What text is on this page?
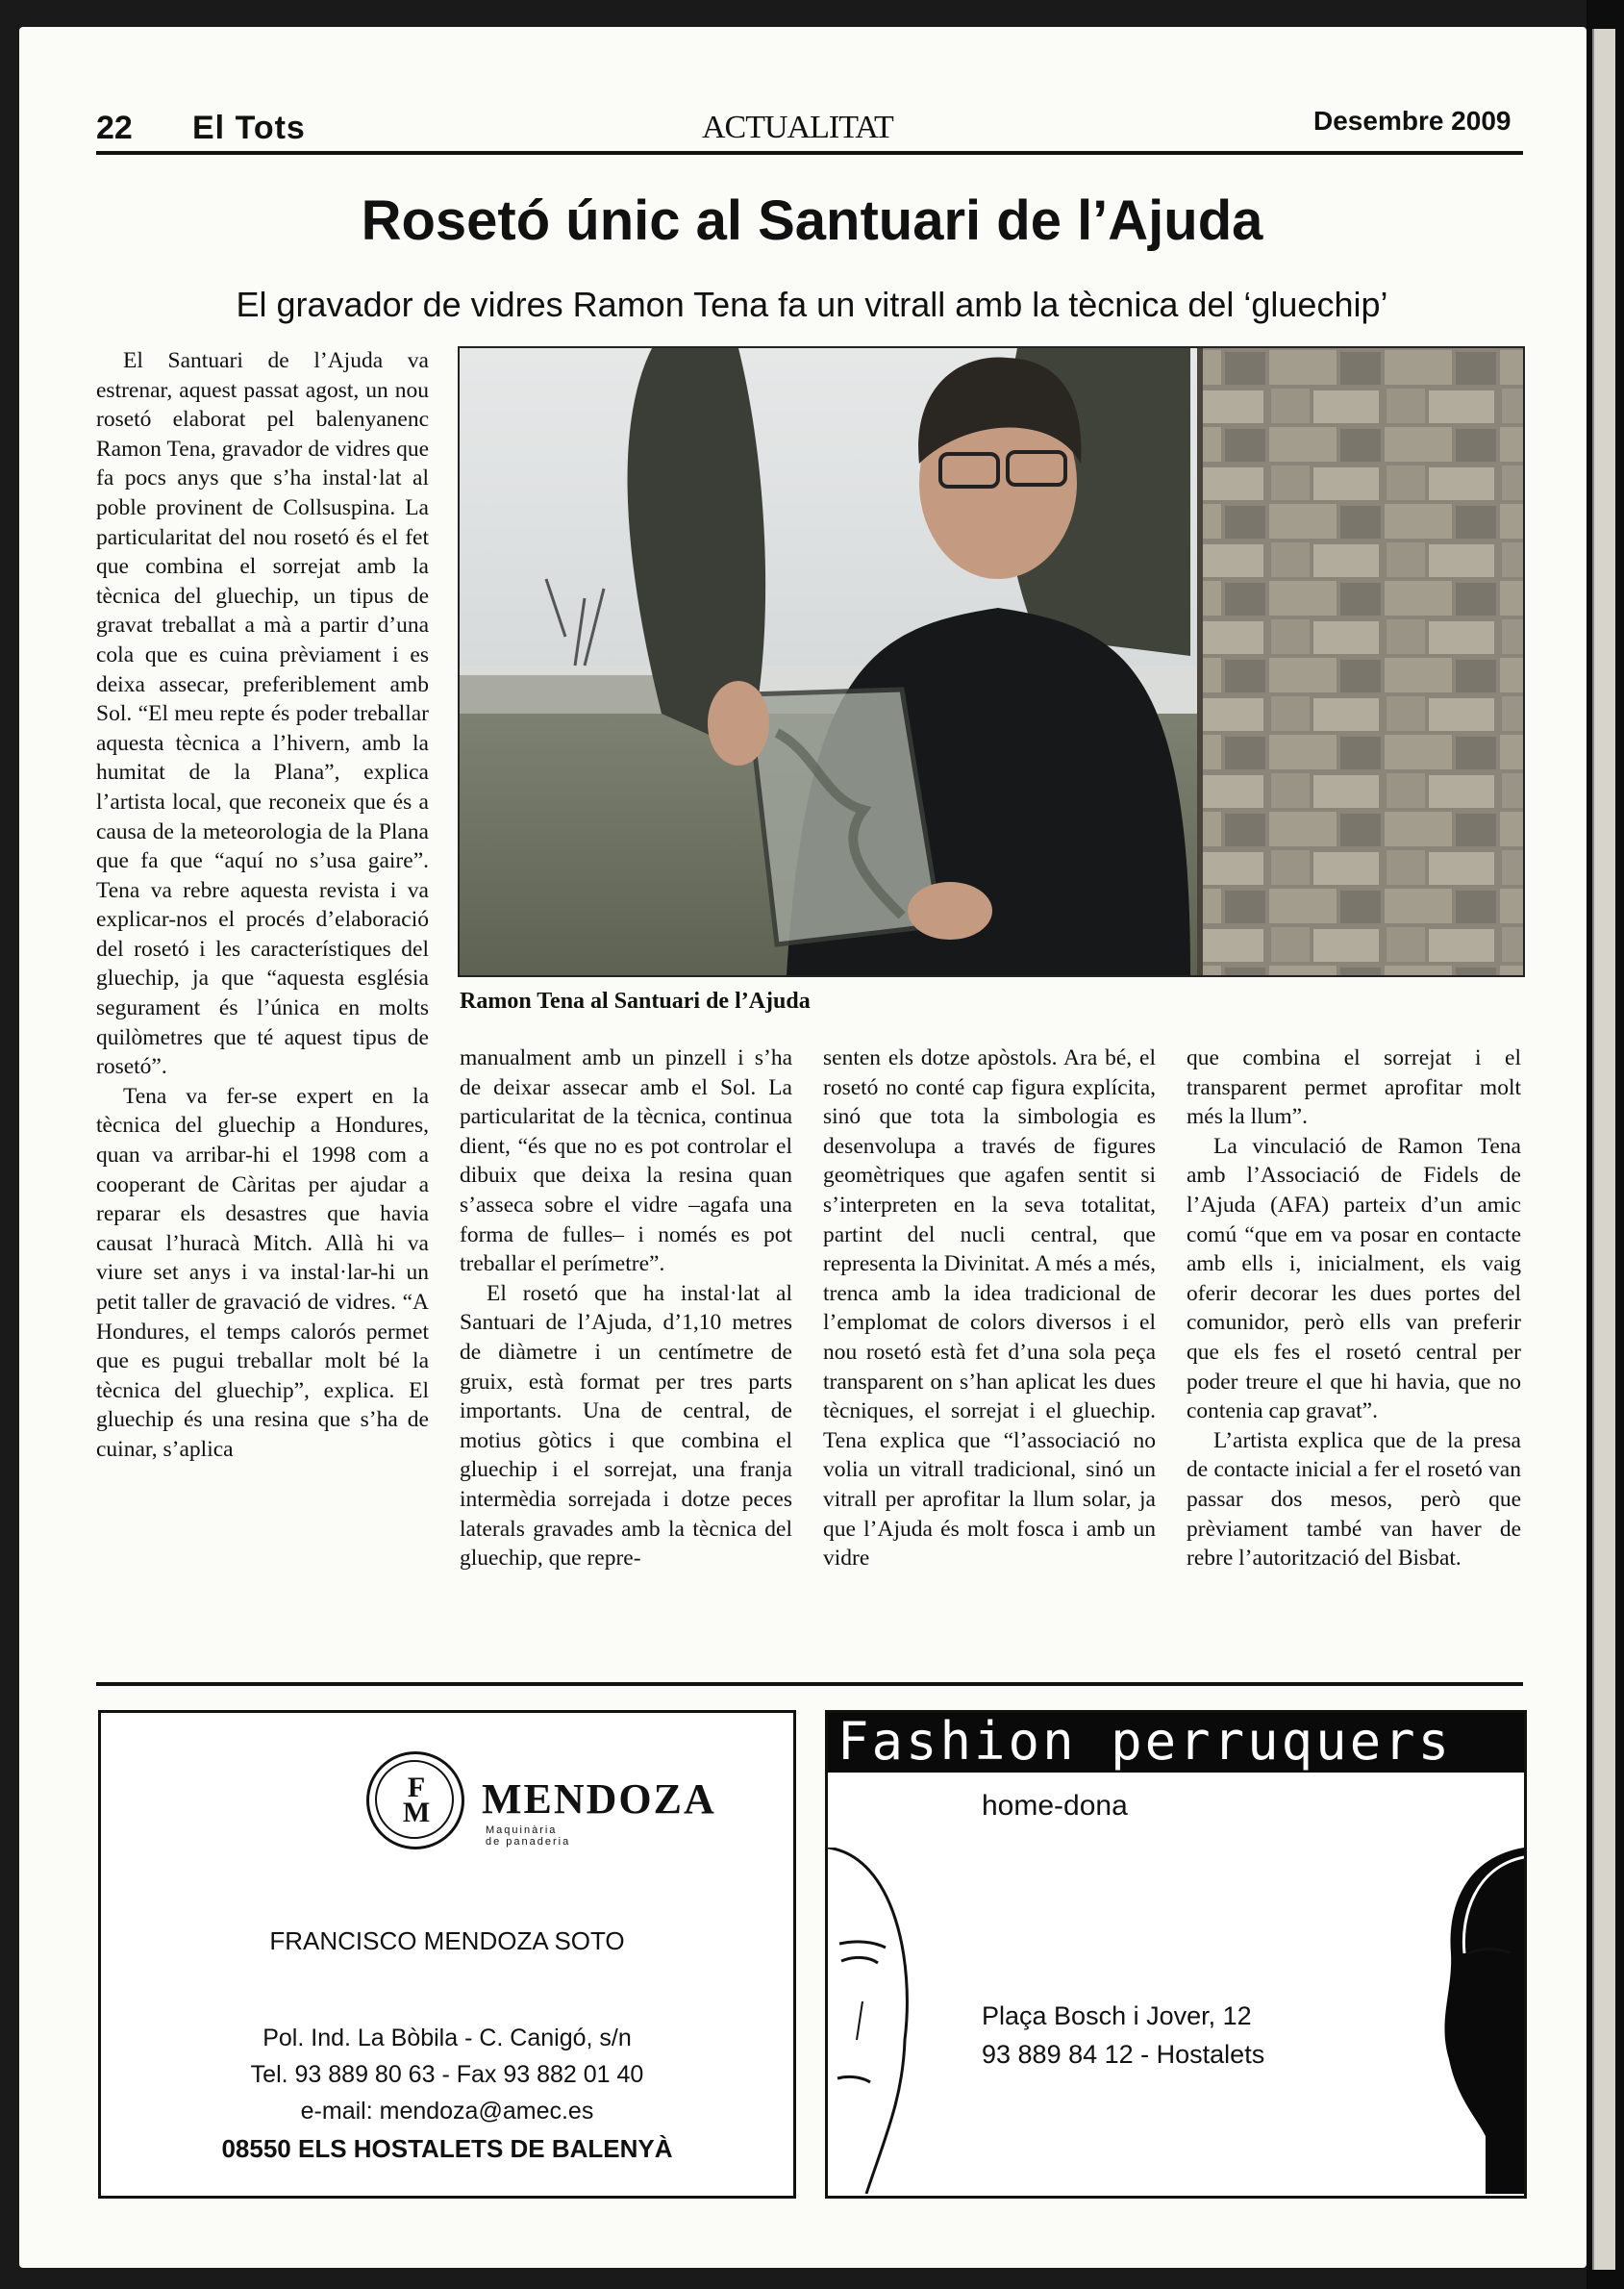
22 El Tots	ACTUALITAT	Desembre 2009
Rosetó únic al Santuari de l’Ajuda
El gravador de vidres Ramon Tena fa un vitrall amb la tècnica del ‘gluechip’

El Santuari de l’Ajuda va estrenar, aquest passat agost, un nou rosetó elaborat pel balenyanenc Ramon Tena, gravador de vidres que fa pocs anys que s’ha instal·lat al poble provinent de Collsuspina. La particularitat del nou rosetó és el fet que combina el sorrejat amb la tècnica del gluechip, un tipus de gravat treballat a mà a partir d’una cola que es cuina prèviament i es deixa assecar, preferiblement amb Sol. “El meu repte és poder treballar aquesta tècnica a l’hivern, amb la humitat de la Plana”, explica l’artista local, que reconeix que és a causa de la meteorologia de la Plana que fa que “aquí no s’usa gaire”. Tena va rebre aquesta revista i va explicar-nos el procés d’elaboració del rosetó i les característiques del gluechip, ja que “aquesta església segurament és l’única en molts quilòmetres que té aquest tipus de rosetó”.

Tena va fer-se expert en la tècnica del gluechip a Hondures, quan va arribar-hi el 1998 com a cooperant de Càritas per ajudar a reparar els desastres que havia causat l’huracà Mitch. Allà hi va viure set anys i va instal·lar-hi un petit taller de gravació de vidres. “A Hondures, el temps calorós permet que es pugui treballar molt bé la tècnica del gluechip”, explica. El gluechip és una resina que s’ha de cuinar, s’aplica

Ramon Tena al Santuari de l’Ajuda

manualment amb un pinzell i s’ha de deixar assecar amb el Sol. La particularitat de la tècnica, continua dient, “és que no es pot controlar el dibuix que deixa la resina quan s’asseca sobre el vidre –agafa una forma de fulles– i només es pot treballar el perímetre”.

El rosetó que ha instal·lat al Santuari de l’Ajuda, d’1,10 metres de diàmetre i un centímetre de gruix, està format per tres parts importants. Una de central, de motius gòtics i que combina el gluechip i el sorrejat, una franja intermèdia sorrejada i dotze peces laterals gravades amb la tècnica del gluechip, que repre-

senten els dotze apòstols. Ara bé, el rosetó no conté cap figura explícita, sinó que tota la simbologia es desenvolupa a través de figures geomètriques que agafen sentit si s’interpreten en la seva totalitat, partint del nucli central, que representa la Divinitat. A més a més, trenca amb la idea tradicional de l’emplomat de colors diversos i el nou rosetó està fet d’una sola peça transparent on s’han aplicat les dues tècniques, el sorrejat i el gluechip. Tena explica que “l’associació no volia un vitrall tradicional, sinó un vitrall per aprofitar la llum solar, ja que l’Ajuda és molt fosca i amb un vidre

que combina el sorrejat i el transparent permet aprofitar molt més la llum”.

La vinculació de Ramon Tena amb l’Associació de Fidels de l’Ajuda (AFA) parteix d’un amic comú “que em va posar en contacte amb ells i, inicialment, els vaig oferir decorar les dues portes del comunidor, però ells van preferir que els fes el rosetó central per poder treure el que hi havia, que no contenia cap gravat”.

L’artista explica que de la presa de contacte inicial a fer el rosetó van passar dos mesos, però que prèviament també van haver de rebre l’autorització del Bisbat.

FM	MENDOZA
Maquinària
de panaderia
FRANCISCO MENDOZA SOTO
Pol. Ind. La Bòbila - C. Canigó, s/n
Tel. 93 889 80 63 - Fax 93 882 01 40
e-mail: mendoza@amec.es
08550 ELS HOSTALETS DE BALENYÀ
Fashion perruquers
home-dona
Plaça Bosch i Jover, 12
93 889 84 12 - Hostalets
